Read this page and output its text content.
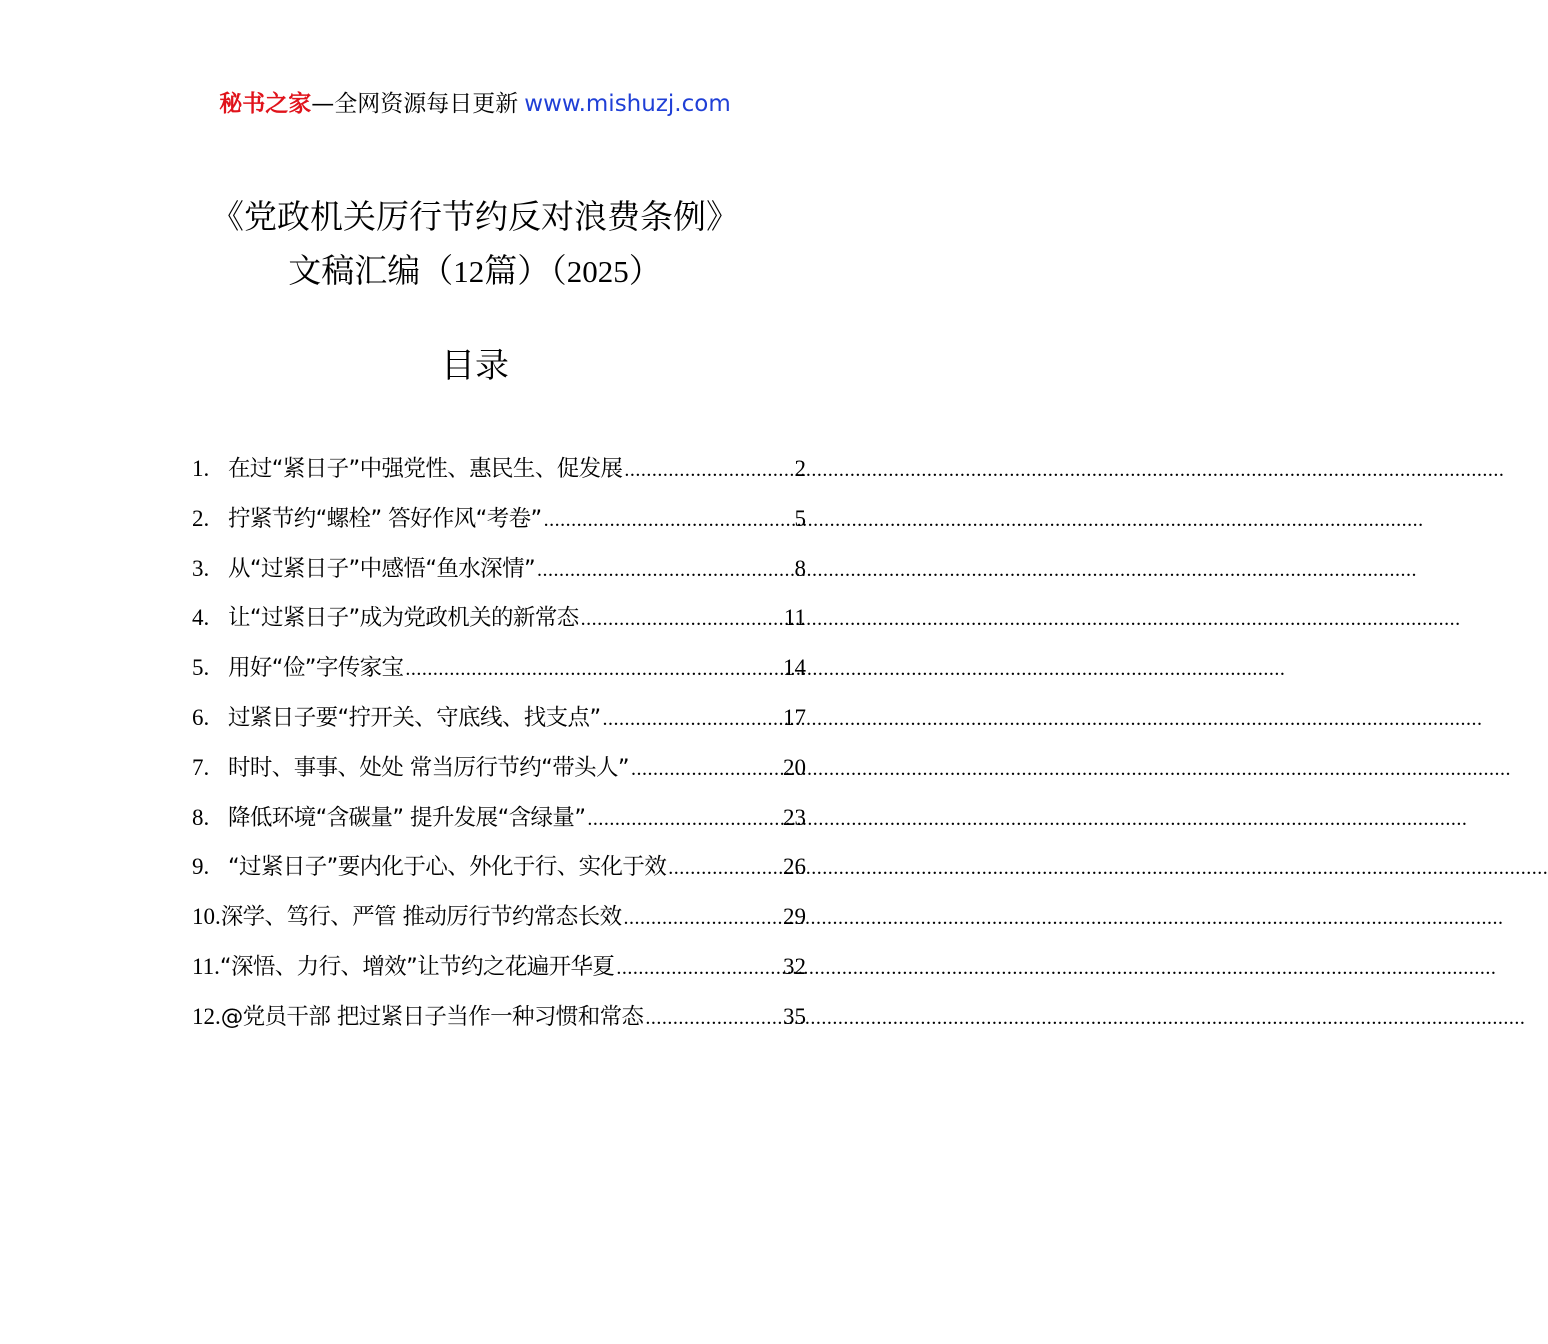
秘书之家—全网资源每日更新 www.mishuzj.com
《党政机关厉行节约反对浪费条例》
文稿汇编（12篇）（2025）
目录
1. 在过“紧日子”中强党性、惠民生、促发展 .....	2
2. 拧紧节约“螺栓” 答好作风“考卷” .....	5
3. 从“过紧日子”中感悟“鱼水深情” .....	8
4. 让“过紧日子”成为党政机关的新常态 .....	11
5. 用好“俭”字传家宝 .....	14
6. 过紧日子要“拧开关、守底线、找支点” .....	17
7. 时时、事事、处处 常当厉行节约“带头人” .....	20
8. 降低环境“含碳量” 提升发展“含绿量” .....	23
9. “过紧日子”要内化于心、外化于行、实化于效 .....	26
10. 深学、笃行、严管 推动厉行节约常态长效 .....	29
11. “深悟、力行、增效”让节约之花遍开华夏 .....	32
12. @党员干部 把过紧日子当作一种习惯和常态 .....	35
